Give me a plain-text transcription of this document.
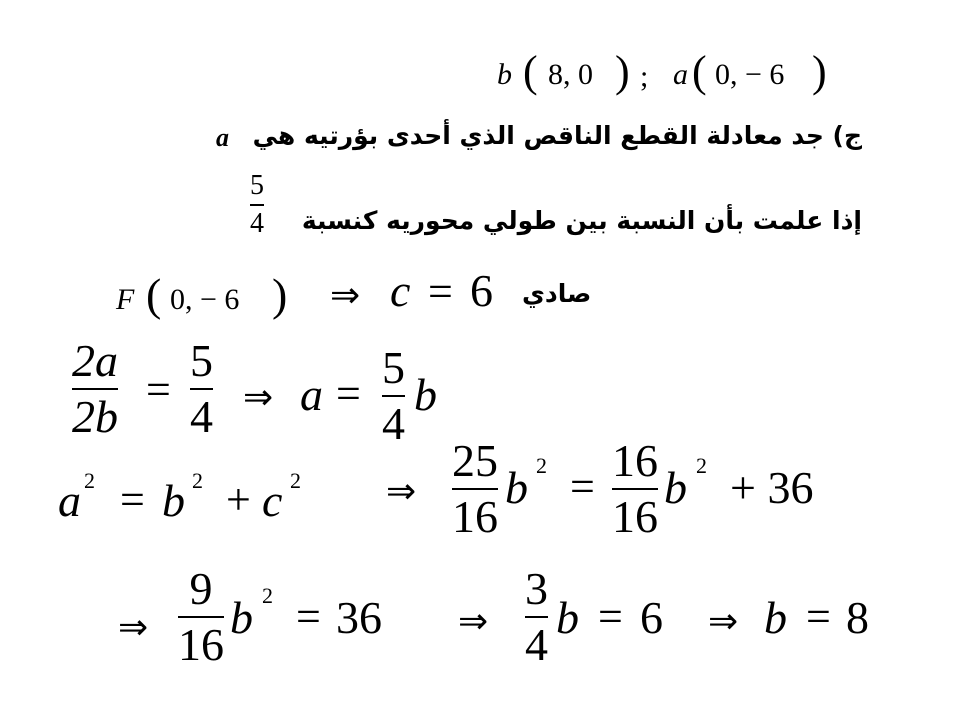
b ( 8, 0 ) ; a ( 0, − 6 )
ج) جد معادلة القطع الناقص الذي أحدى بؤرتيه هي
a
إذا علمت بأن النسبة بين طولي محوريه كنسبة
5
4
F ( 0, − 6 ) ⇒ c = 6 صادي
2a
2b
=
5
4 ⇒ a =
5
4
b
a 2 = b 2 + c 2 ⇒
25
16
b 2 =
16
16
b 2 + 36
⇒
9
16
b 2 = 36 ⇒
3
4
b = 6 ⇒ b = 8
